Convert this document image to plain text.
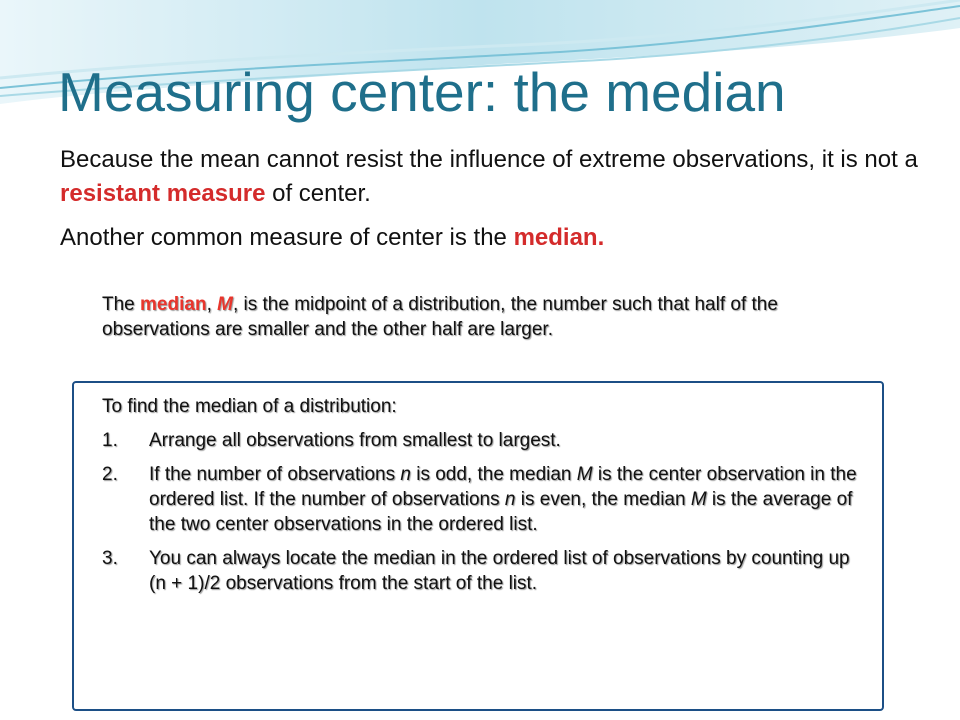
Measuring center: the median

Because the mean cannot resist the influence of extreme observations, it is not a resistant measure of center.

Another common measure of center is the median.

The median, M, is the midpoint of a distribution, the number such that half of the observations are smaller and the other half are larger.

To find the median of a distribution:

1. Arrange all observations from smallest to largest.
2. If the number of observations n is odd, the median M is the center observation in the ordered list. If the number of observations n is even, the median M is the average of the two center observations in the ordered list.
3. You can always locate the median in the ordered list of observations by counting up (n + 1)/2 observations from the start of the list.
